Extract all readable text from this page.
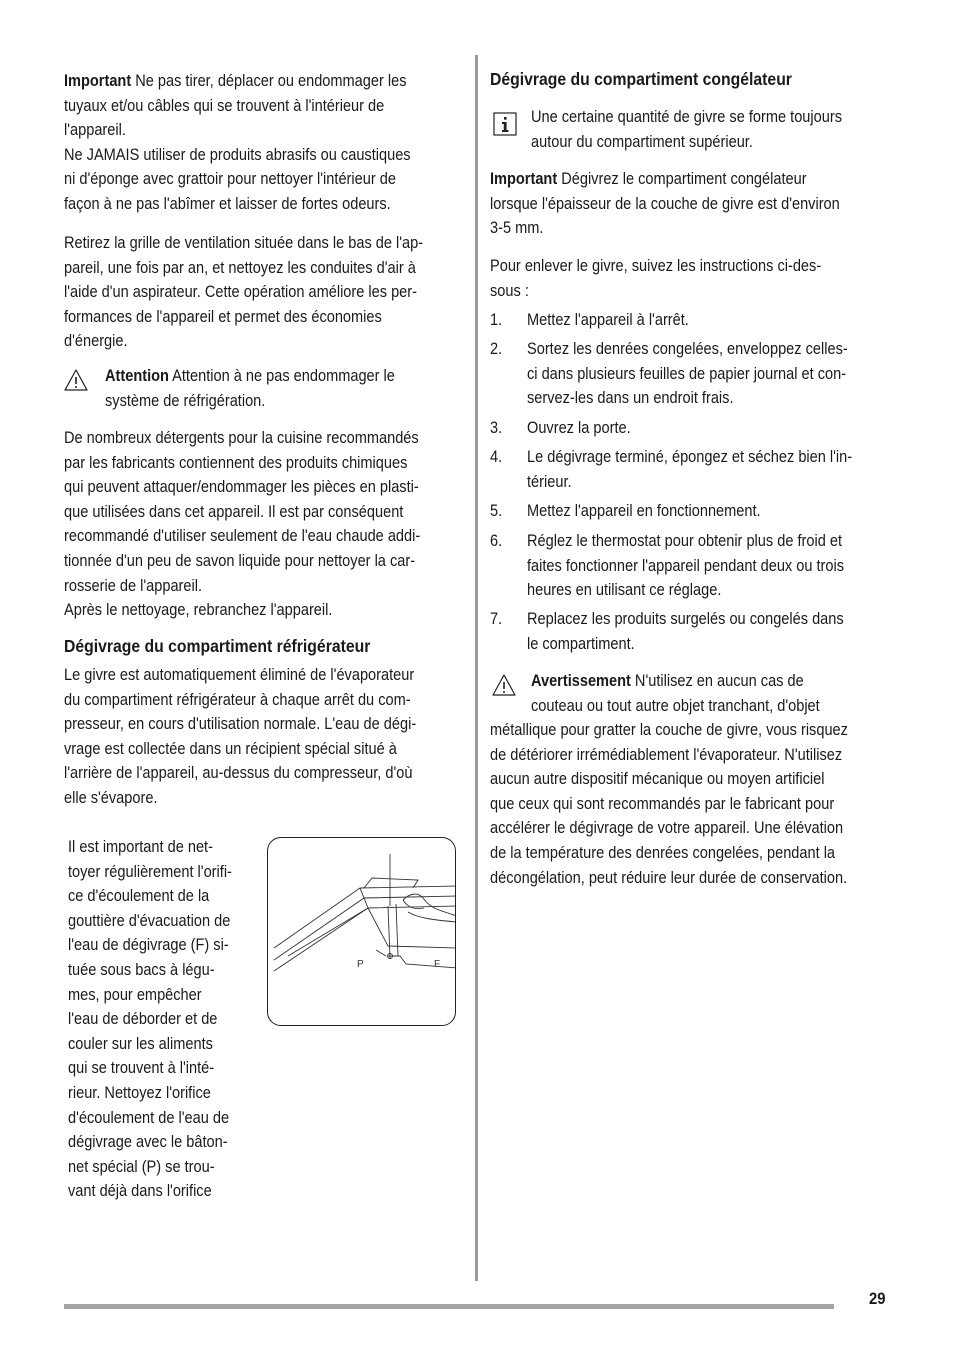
Important Ne pas tirer, déplacer ou endommager les
tuyaux et/ou câbles qui se trouvent à l'intérieur de
l'appareil.
Ne JAMAIS utiliser de produits abrasifs ou caustiques
ni d'éponge avec grattoir pour nettoyer l'intérieur de
façon à ne pas l'abîmer et laisser de fortes odeurs.
Retirez la grille de ventilation située dans le bas de l'ap-
pareil, une fois par an, et nettoyez les conduites d'air à
l'aide d'un aspirateur. Cette opération améliore les per-
formances de l'appareil et permet des économies
d'énergie.
Attention Attention à ne pas endommager le
système de réfrigération.
De nombreux détergents pour la cuisine recommandés
par les fabricants contiennent des produits chimiques
qui peuvent attaquer/endommager les pièces en plasti-
que utilisées dans cet appareil. Il est par conséquent
recommandé d'utiliser seulement de l'eau chaude addi-
tionnée d'un peu de savon liquide pour nettoyer la car-
rosserie de l'appareil.
Après le nettoyage, rebranchez l'appareil.
Dégivrage du compartiment réfrigérateur
Le givre est automatiquement éliminé de l'évaporateur
du compartiment réfrigérateur à chaque arrêt du com-
presseur, en cours d'utilisation normale. L'eau de dégi-
vrage est collectée dans un récipient spécial situé à
l'arrière de l'appareil, au-dessus du compresseur, d'où
elle s'évapore.
Il est important de net-
toyer régulièrement l'orifi-
ce d'écoulement de la
gouttière d'évacuation de
l'eau de dégivrage (F) si-
tuée sous bacs à légu-
mes, pour empêcher
l'eau de déborder et de
couler sur les aliments
qui se trouvent à l'inté-
rieur. Nettoyez l'orifice
d'écoulement de l'eau de
dégivrage avec le bâton-
net spécial (P) se trou-
vant déjà dans l'orifice
P	F
Dégivrage du compartiment congélateur
Une certaine quantité de givre se forme toujours
autour du compartiment supérieur.
Important Dégivrez le compartiment congélateur
lorsque l'épaisseur de la couche de givre est d'environ
3-5 mm.
Pour enlever le givre, suivez les instructions ci-des-
sous :
1. Mettez l'appareil à l'arrêt.
2. Sortez les denrées congelées, enveloppez celles-
ci dans plusieurs feuilles de papier journal et con-
servez-les dans un endroit frais.
3. Ouvrez la porte.
4. Le dégivrage terminé, épongez et séchez bien l'in-
térieur.
5. Mettez l'appareil en fonctionnement.
6. Réglez le thermostat pour obtenir plus de froid et
faites fonctionner l'appareil pendant deux ou trois
heures en utilisant ce réglage.
7. Replacez les produits surgelés ou congelés dans
le compartiment.
Avertissement N'utilisez en aucun cas de
couteau ou tout autre objet tranchant, d'objet
métallique pour gratter la couche de givre, vous risquez
de détériorer irrémédiablement l'évaporateur. N'utilisez
aucun autre dispositif mécanique ou moyen artificiel
que ceux qui sont recommandés par le fabricant pour
accélérer le dégivrage de votre appareil. Une élévation
de la température des denrées congelées, pendant la
décongélation, peut réduire leur durée de conservation.
29
